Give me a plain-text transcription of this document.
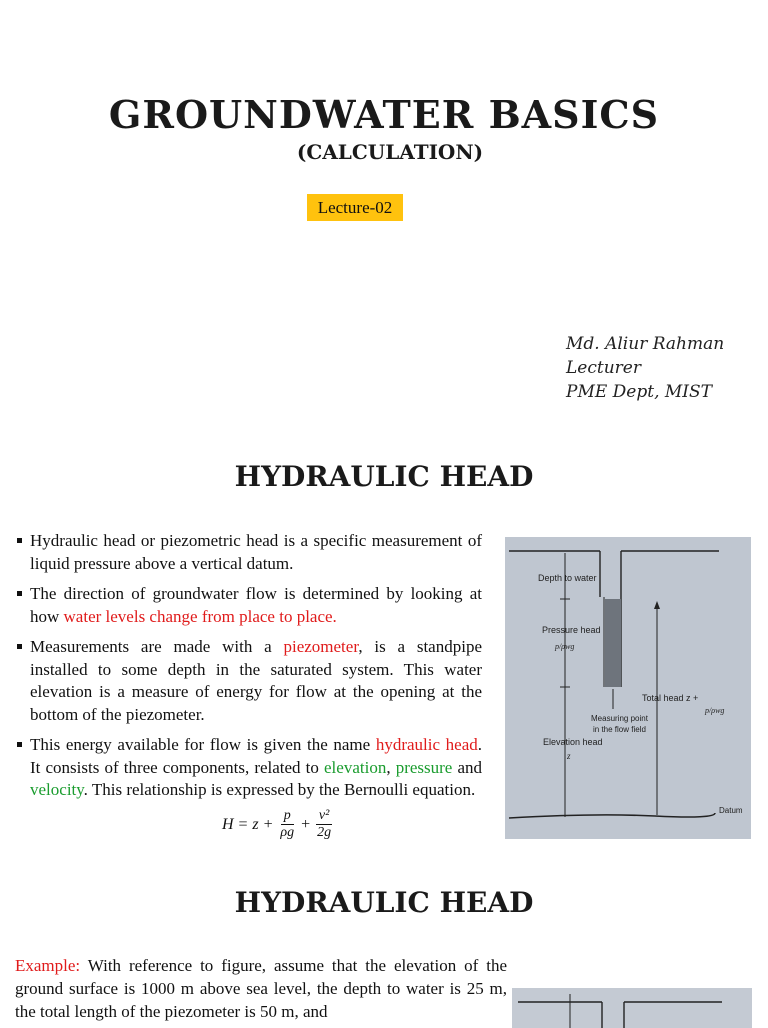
GROUNDWATER BASICS
(CALCULATION)
Lecture-02
Md. Aliur Rahman
Lecturer
PME Dept, MIST
HYDRAULIC HEAD
Hydraulic head or piezometric head is a specific measurement of liquid pressure above a vertical datum.
The direction of groundwater flow is determined by looking at how water levels change from place to place.
Measurements are made with a piezometer, is a standpipe installed to some depth in the saturated system. This water elevation is a measure of energy for flow at the opening at the bottom of the piezometer.
This energy available for flow is given the name hydraulic head. It consists of three components, related to elevation, pressure and velocity. This relationship is expressed by the Bernoulli equation.
$H = z + \frac{p}{\rho g} + \frac{\text{v²}}{2g}$
Depth to water
Pressure head
p/ρwg
Total head z +
p/ρwg
Measuring point
in the flow field
Elevation head
z
Datum
HYDRAULIC HEAD
Example: With reference to figure, assume that the elevation of the ground surface is 1000 m above sea level, the depth to water is 25 m, the total length of the piezometer is 50 m, and
